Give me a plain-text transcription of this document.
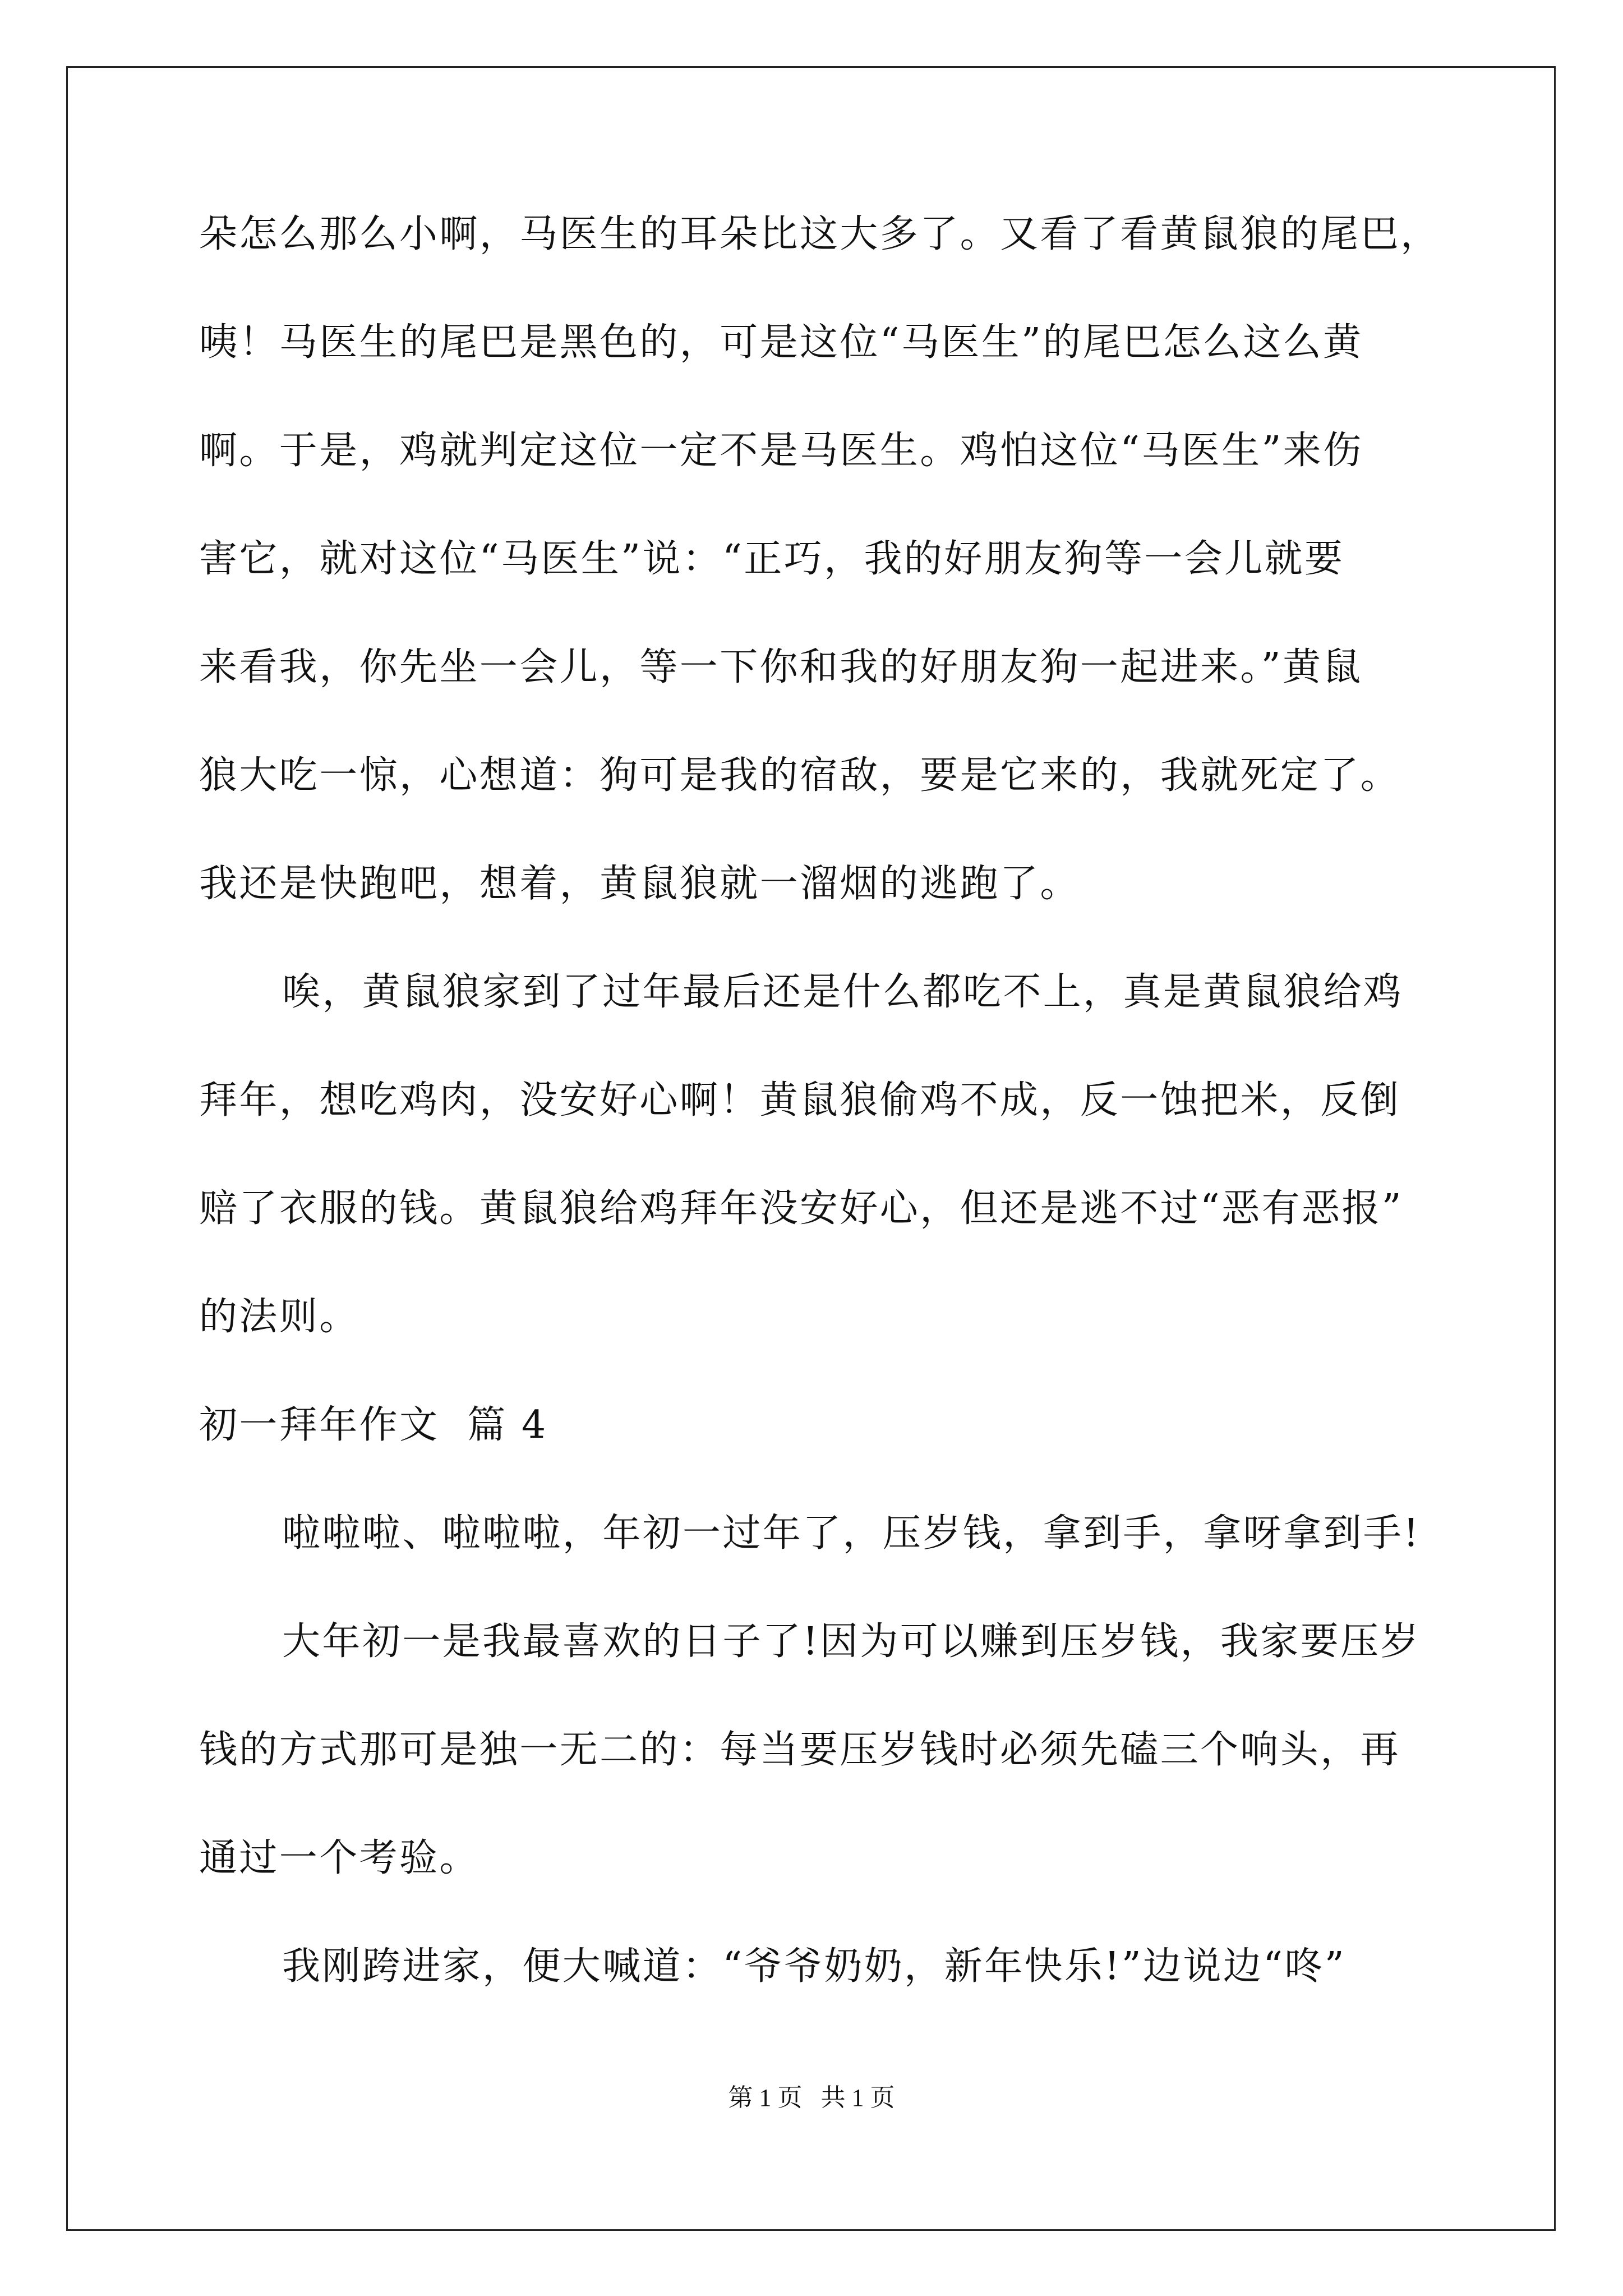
朵怎么那么小啊，马医生的耳朵比这大多了。又看了看黄鼠狼的尾巴，
咦！马医生的尾巴是黑色的，可是这位“马医生”的尾巴怎么这么黄
啊。于是，鸡就判定这位一定不是马医生。鸡怕这位“马医生”来伤
害它，就对这位“马医生”说：“正巧，我的好朋友狗等一会儿就要
来看我，你先坐一会儿，等一下你和我的好朋友狗一起进来。”黄鼠
狼大吃一惊，心想道：狗可是我的宿敌，要是它来的，我就死定了。
我还是快跑吧，想着，黄鼠狼就一溜烟的逃跑了。
唉，黄鼠狼家到了过年最后还是什么都吃不上，真是黄鼠狼给鸡
拜年，想吃鸡肉，没安好心啊！黄鼠狼偷鸡不成，反一蚀把米，反倒
赔了衣服的钱。黄鼠狼给鸡拜年没安好心，但还是逃不过“恶有恶报”
的法则。
初一拜年作文  篇 4
啦啦啦、啦啦啦，年初一过年了，压岁钱，拿到手，拿呀拿到手!
大年初一是我最喜欢的日子了!因为可以赚到压岁钱，我家要压岁
钱的方式那可是独一无二的：每当要压岁钱时必须先磕三个响头，再
通过一个考验。
我刚跨进家，便大喊道：“爷爷奶奶，新年快乐!”边说边“咚”
第 1 页   共 1 页
